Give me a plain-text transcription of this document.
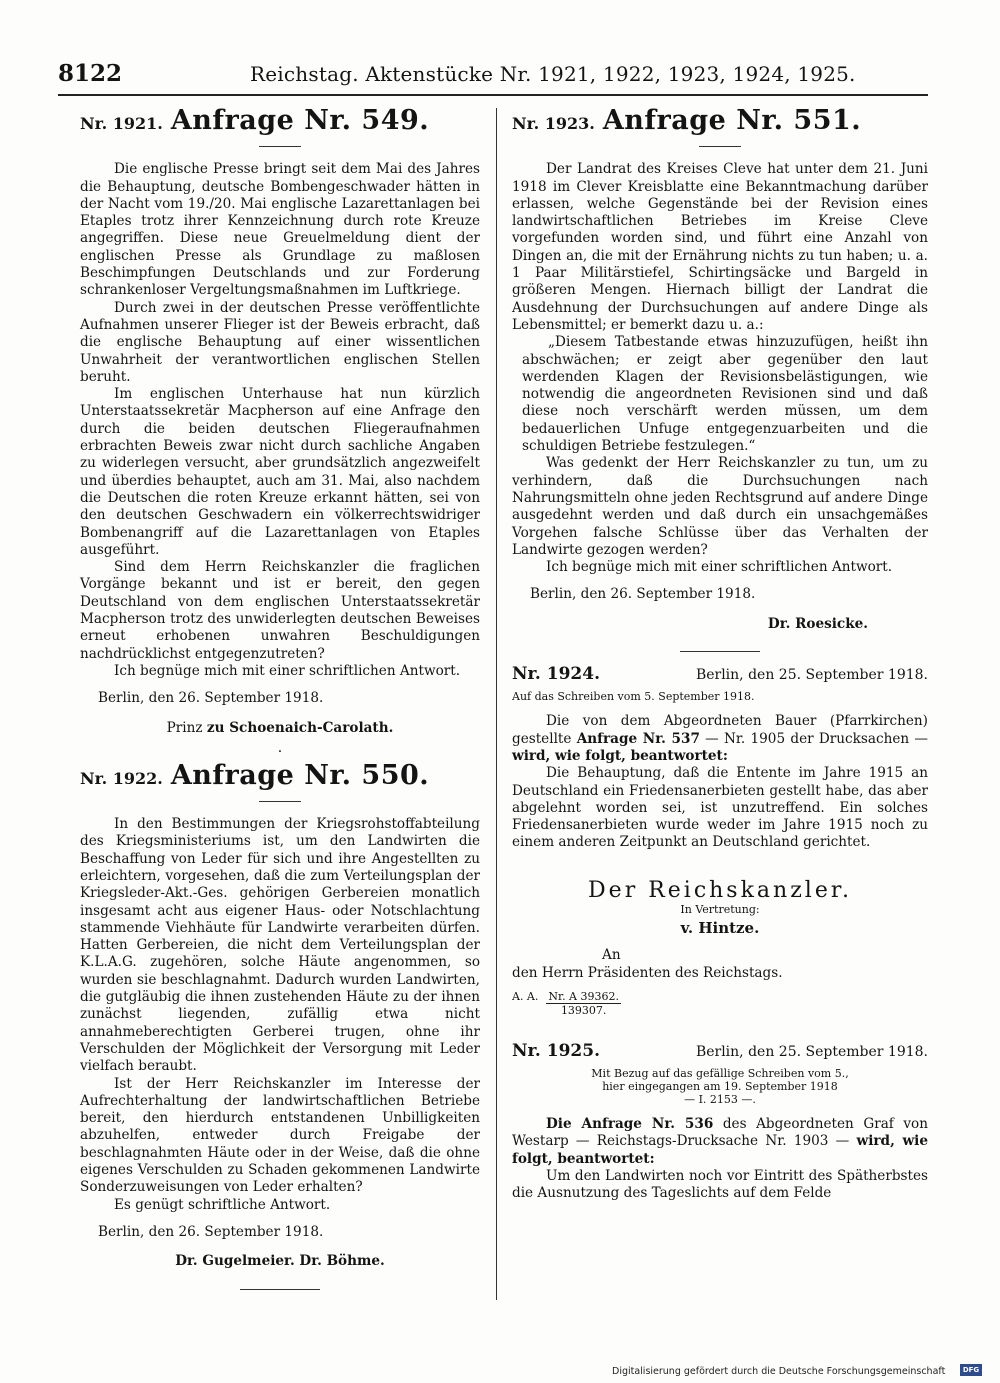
8122	Reichstag. Aktenstücke Nr. 1921, 1922, 1923, 1924, 1925.
Nr. 1921. Anfrage Nr. 549.

Die englische Presse bringt seit dem Mai des Jahres die Behauptung, deutsche Bombengeschwader hätten in der Nacht vom 19./20. Mai englische Lazarettanlagen bei Etaples trotz ihrer Kennzeichnung durch rote Kreuze angegriffen. Diese neue Greuelmeldung dient der englischen Presse als Grundlage zu maßlosen Beschimpfungen Deutschlands und zur Forderung schrankenloser Vergeltungsmaßnahmen im Luftkriege.

Durch zwei in der deutschen Presse veröffentlichte Aufnahmen unserer Flieger ist der Beweis erbracht, daß die englische Behauptung auf einer wissentlichen Unwahrheit der verantwortlichen englischen Stellen beruht.

Im englischen Unterhause hat nun kürzlich Unterstaatssekretär Macpherson auf eine Anfrage den durch die beiden deutschen Fliegeraufnahmen erbrachten Beweis zwar nicht durch sachliche Angaben zu widerlegen versucht, aber grundsätzlich angezweifelt und überdies behauptet, auch am 31. Mai, also nachdem die Deutschen die roten Kreuze erkannt hätten, sei von den deutschen Geschwadern ein völkerrechtswidriger Bombenangriff auf die Lazarettanlagen von Etaples ausgeführt.

Sind dem Herrn Reichskanzler die fraglichen Vorgänge bekannt und ist er bereit, den gegen Deutschland von dem englischen Unterstaatssekretär Macpherson trotz des unwiderlegten deutschen Beweises erneut erhobenen unwahren Beschuldigungen nachdrücklichst entgegenzutreten?

Ich begnüge mich mit einer schriftlichen Antwort.

Berlin, den 26. September 1918.

Prinz zu Schoenaich-Carolath.
·
Nr. 1922. Anfrage Nr. 550.

In den Bestimmungen der Kriegsrohstoffabteilung des Kriegsministeriums ist, um den Landwirten die Beschaffung von Leder für sich und ihre Angestellten zu erleichtern, vorgesehen, daß die zum Verteilungsplan der Kriegsleder-Akt.-Ges. gehörigen Gerbereien monatlich insgesamt acht aus eigener Haus- oder Notschlachtung stammende Viehhäute für Landwirte verarbeiten dürfen. Hatten Gerbereien, die nicht dem Verteilungsplan der K.L.A.G. zugehören, solche Häute angenommen, so wurden sie beschlagnahmt. Dadurch wurden Landwirten, die gutgläubig die ihnen zustehenden Häute zu der ihnen zunächst liegenden, zufällig etwa nicht annahmeberechtigten Gerberei trugen, ohne ihr Verschulden der Möglichkeit der Versorgung mit Leder vielfach beraubt.

Ist der Herr Reichskanzler im Interesse der Aufrechterhaltung der landwirtschaftlichen Betriebe bereit, den hierdurch entstandenen Unbilligkeiten abzuhelfen, entweder durch Freigabe der beschlagnahmten Häute oder in der Weise, daß die ohne eigenes Verschulden zu Schaden gekommenen Landwirte Sonderzuweisungen von Leder erhalten?

Es genügt schriftliche Antwort.

Berlin, den 26. September 1918.

Dr. Gugelmeier. Dr. Böhme.
Nr. 1923. Anfrage Nr. 551.

Der Landrat des Kreises Cleve hat unter dem 21. Juni 1918 im Clever Kreisblatte eine Bekanntmachung darüber erlassen, welche Gegenstände bei der Revision eines landwirtschaftlichen Betriebes im Kreise Cleve vorgefunden worden sind, und führt eine Anzahl von Dingen an, die mit der Ernährung nichts zu tun haben; u. a. 1 Paar Militärstiefel, Schirtingsäcke und Bargeld in größeren Mengen. Hiernach billigt der Landrat die Ausdehnung der Durchsuchungen auf andere Dinge als Lebensmittel; er bemerkt dazu u. a.:

„Diesem Tatbestande etwas hinzuzufügen, heißt ihn abschwächen; er zeigt aber gegenüber den laut werdenden Klagen der Revisionsbelästigungen, wie notwendig die angeordneten Revisionen sind und daß diese noch verschärft werden müssen, um dem bedauerlichen Unfuge entgegenzuarbeiten und die schuldigen Betriebe festzulegen.“

Was gedenkt der Herr Reichskanzler zu tun, um zu verhindern, daß die Durchsuchungen nach Nahrungsmitteln ohne jeden Rechtsgrund auf andere Dinge ausgedehnt werden und daß durch ein unsachgemäßes Vorgehen falsche Schlüsse über das Verhalten der Landwirte gezogen werden?

Ich begnüge mich mit einer schriftlichen Antwort.

Berlin, den 26. September 1918.

Dr. Roesicke.
Nr. 1924.	Berlin, den 25. September 1918.
Auf das Schreiben vom 5. September 1918.

Die von dem Abgeordneten Bauer (Pfarrkirchen) gestellte Anfrage Nr. 537 — Nr. 1905 der Drucksachen — wird, wie folgt, beantwortet:

Die Behauptung, daß die Entente im Jahre 1915 an Deutschland ein Friedensanerbieten gestellt habe, das aber abgelehnt worden sei, ist unzutreffend. Ein solches Friedensanerbieten wurde weder im Jahre 1915 noch zu einem anderen Zeitpunkt an Deutschland gerichtet.

Der Reichskanzler.
In Vertretung:
v. Hintze.

An

den Herrn Präsidenten des Reichstags.

A. A. $\frac{Nr. A 39362.}{139307.}$
Nr. 1925.	Berlin, den 25. September 1918.
Mit Bezug auf das gefällige Schreiben vom 5.,
hier eingegangen am 19. September 1918
— I. 2153 —.

Die Anfrage Nr. 536 des Abgeordneten Graf von Westarp — Reichstags-Drucksache Nr. 1903 — wird, wie folgt, beantwortet:

Um den Landwirten noch vor Eintritt des Spätherbstes die Ausnutzung des Tageslichts auf dem Felde

Digitalisierung gefördert durch die Deutsche Forschungsgemeinschaft	DFG
